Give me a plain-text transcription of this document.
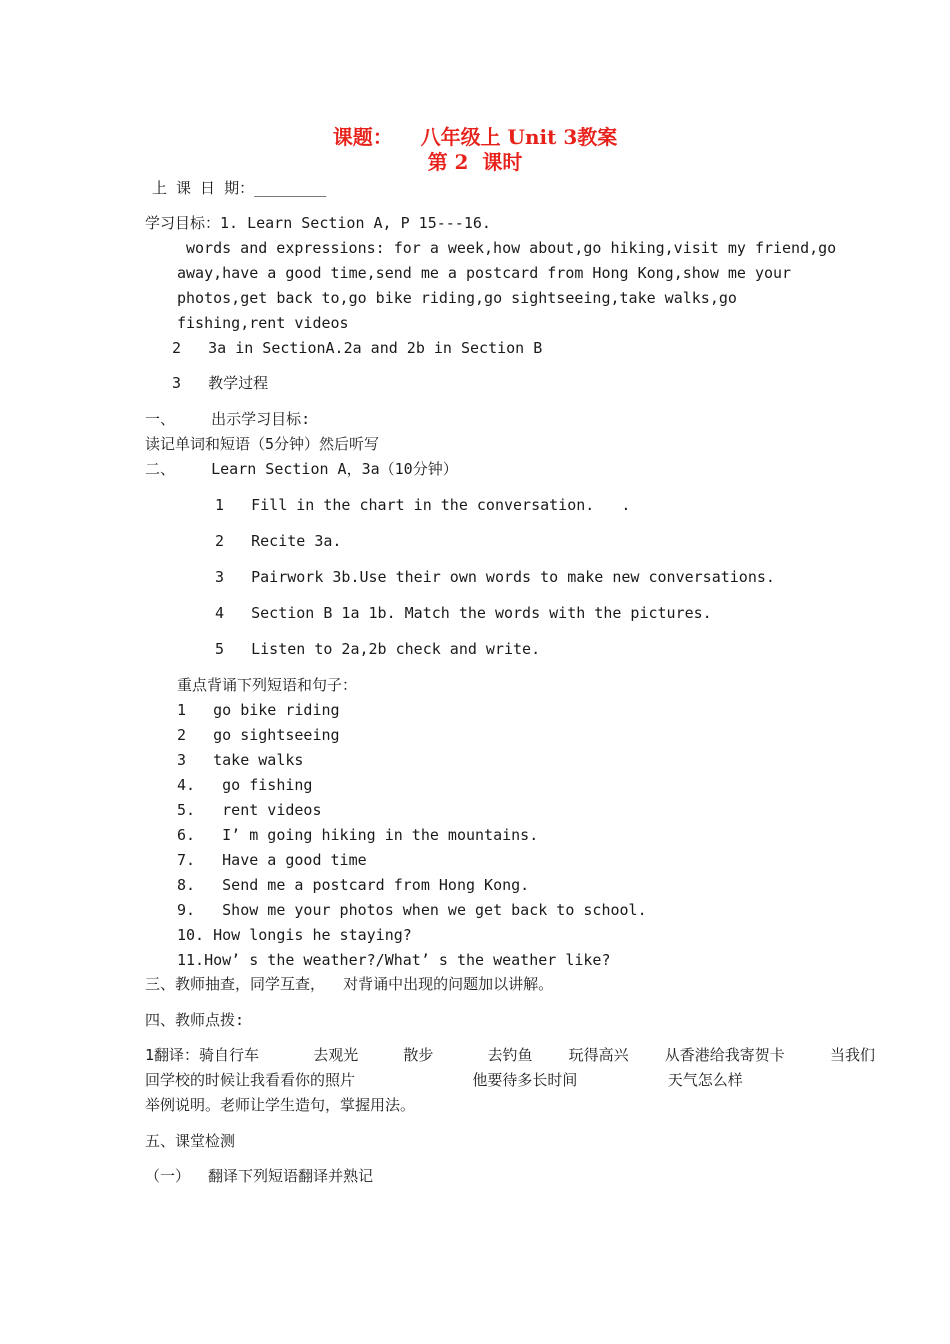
课题：    八年级上 Unit 3教案
第 2  课时
上 课 日 期：________
学习目标：1. Learn Section A, P 15---16.
words and expressions: for a week,how about,go hiking,visit my friend,go
away,have a good time,send me a postcard from Hong Kong,show me your
photos,get back to,go bike riding,go sightseeing,take walks,go
fishing,rent videos
2   3a in SectionA.2a and 2b in Section B
3   教学过程
一、    出示学习目标:
读记单词和短语（5分钟）然后听写
二、    Learn Section A，3a（10分钟）
1   Fill in the chart in the conversation.   .
2   Recite 3a.
3   Pairwork 3b.Use their own words to make new conversations.
4   Section B 1a 1b. Match the words with the pictures.
5   Listen to 2a,2b check and write.
重点背诵下列短语和句子：
1   go bike riding
2   go sightseeing
3   take walks
4.   go fishing
5.   rent videos
6.   I’ m going hiking in the mountains.
7.   Have a good time
8.   Send me a postcard from Hong Kong.
9.   Show me your photos when we get back to school.
10. How longis he staying?
11.How’ s the weather?/What’ s the weather like?
三、教师抽查，同学互查，  对背诵中出现的问题加以讲解。
四、教师点拨:
1翻译：骑自行车      去观光     散步      去钓鱼    玩得高兴    从香港给我寄贺卡     当我们
回学校的时候让我看看你的照片             他要待多长时间          天气怎么样
举例说明。老师让学生造句，掌握用法。
五、课堂检测
（一）  翻译下列短语翻译并熟记
